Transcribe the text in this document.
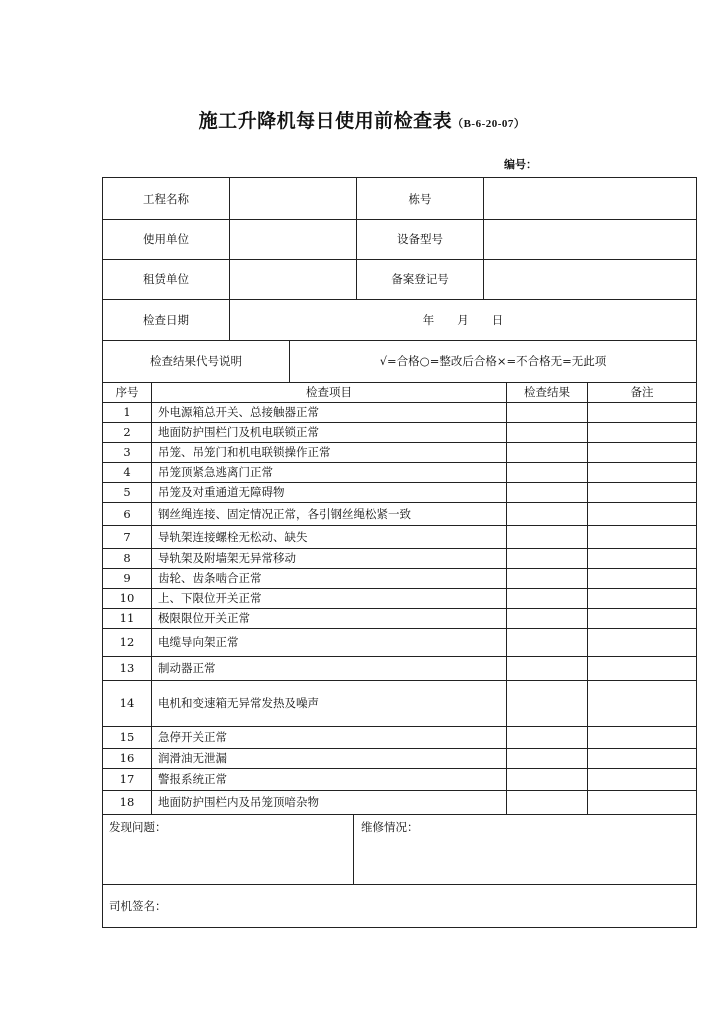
施工升降机每日使用前检查表（B-6-20-07）
编号：
工程名称	栋号
使用单位	设备型号
租赁单位	备案登记号
检查日期	年　　月　　日
检查结果代号说明	√=合格○=整改后合格×=不合格无=无此项
序号	检查项目	检查结果	备注
1	外电源箱总开关、总接触器正常
2	地面防护围栏门及机电联锁正常
3	吊笼、吊笼门和机电联锁操作正常
4	吊笼顶紧急逃离门正常
5	吊笼及对重通道无障碍物
6	钢丝绳连接、固定情况正常，各引钢丝绳松紧一致
7	导轨架连接螺栓无松动、缺失
8	导轨架及附墙架无异常移动
9	齿轮、齿条啮合正常
10	上、下限位开关正常
11	极限限位开关正常
12	电缆导向架正常
13	制动器正常
14	电机和变速箱无异常发热及噪声
15	急停开关正常
16	润滑油无泄漏
17	警报系统正常
18	地面防护围栏内及吊笼顶喑杂物
发现问题：	维修情况：
司机签名：
